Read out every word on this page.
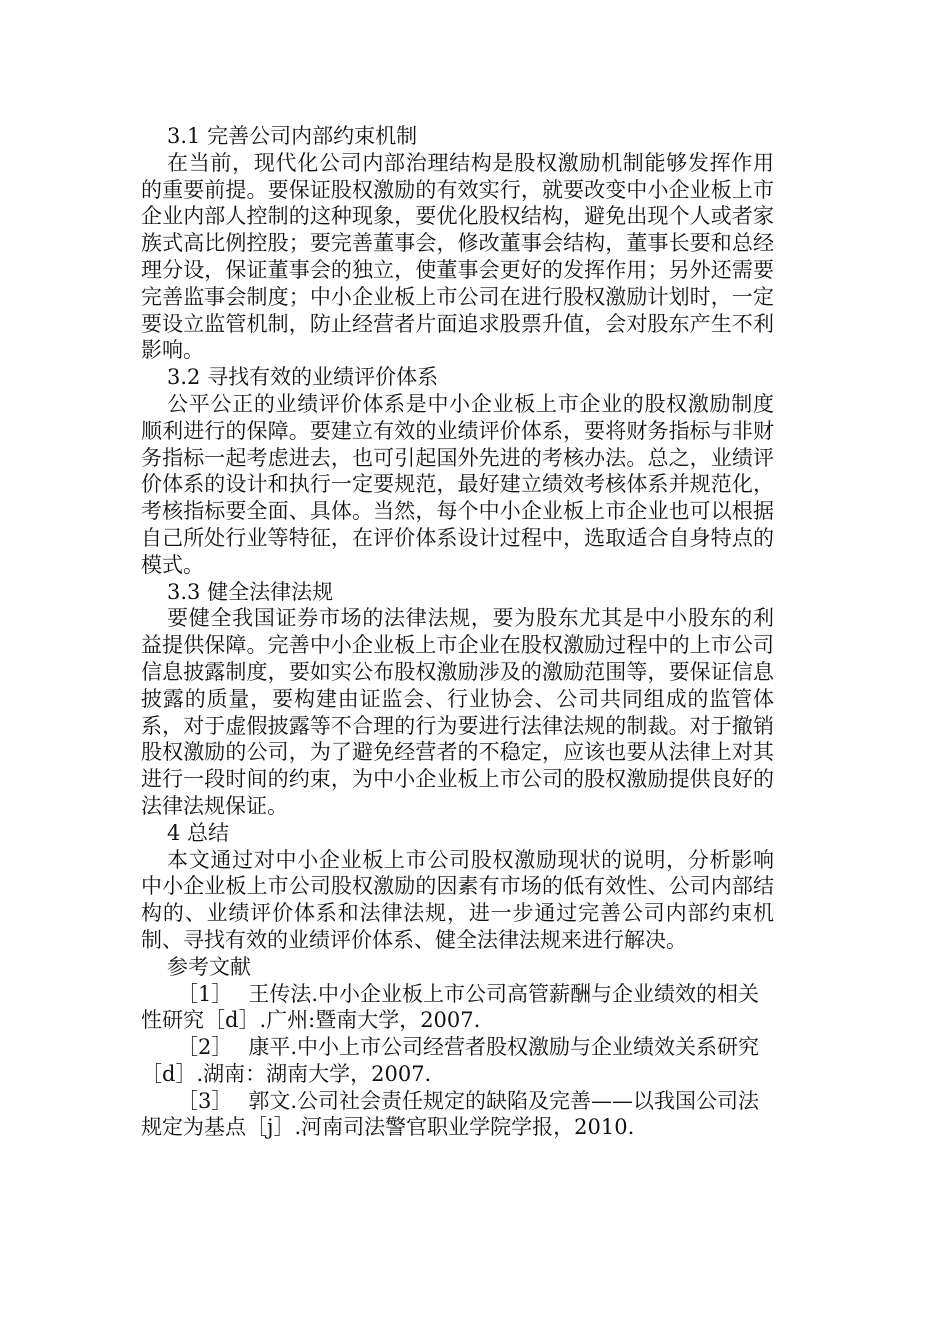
3.1 完善公司内部约束机制

在当前，现代化公司内部治理结构是股权激励机制能够发挥作用的重要前提。要保证股权激励的有效实行，就要改变中小企业板上市企业内部人控制的这种现象，要优化股权结构，避免出现个人或者家族式高比例控股；要完善董事会，修改董事会结构，董事长要和总经理分设，保证董事会的独立，使董事会更好的发挥作用；另外还需要完善监事会制度；中小企业板上市公司在进行股权激励计划时，一定要设立监管机制，防止经营者片面追求股票升值，会对股东产生不利影响。

3.2 寻找有效的业绩评价体系

公平公正的业绩评价体系是中小企业板上市企业的股权激励制度顺利进行的保障。要建立有效的业绩评价体系，要将财务指标与非财务指标一起考虑进去，也可引起国外先进的考核办法。总之，业绩评价体系的设计和执行一定要规范，最好建立绩效考核体系并规范化，考核指标要全面、具体。当然，每个中小企业板上市企业也可以根据自己所处行业等特征，在评价体系设计过程中，选取适合自身特点的模式。

3.3 健全法律法规

要健全我国证券市场的法律法规，要为股东尤其是中小股东的利益提供保障。完善中小企业板上市企业在股权激励过程中的上市公司信息披露制度，要如实公布股权激励涉及的激励范围等，要保证信息披露的质量，要构建由证监会、行业协会、公司共同组成的监管体系，对于虚假披露等不合理的行为要进行法律法规的制裁。对于撤销股权激励的公司，为了避免经营者的不稳定，应该也要从法律上对其进行一段时间的约束，为中小企业板上市公司的股权激励提供良好的法律法规保证。

4 总结

本文通过对中小企业板上市公司股权激励现状的说明，分析影响中小企业板上市公司股权激励的因素有市场的低有效性、公司内部结构的、业绩评价体系和法律法规，进一步通过完善公司内部约束机制、寻找有效的业绩评价体系、健全法律法规来进行解决。

参考文献

［1］ 王传法.中小企业板上市公司高管薪酬与企业绩效的相关性研究［d］.广州:暨南大学，2007.

［2］ 康平.中小上市公司经营者股权激励与企业绩效关系研究［d］.湖南：湖南大学，2007.

［3］ 郭文.公司社会责任规定的缺陷及完善——以我国公司法规定为基点［j］.河南司法警官职业学院学报，2010.
